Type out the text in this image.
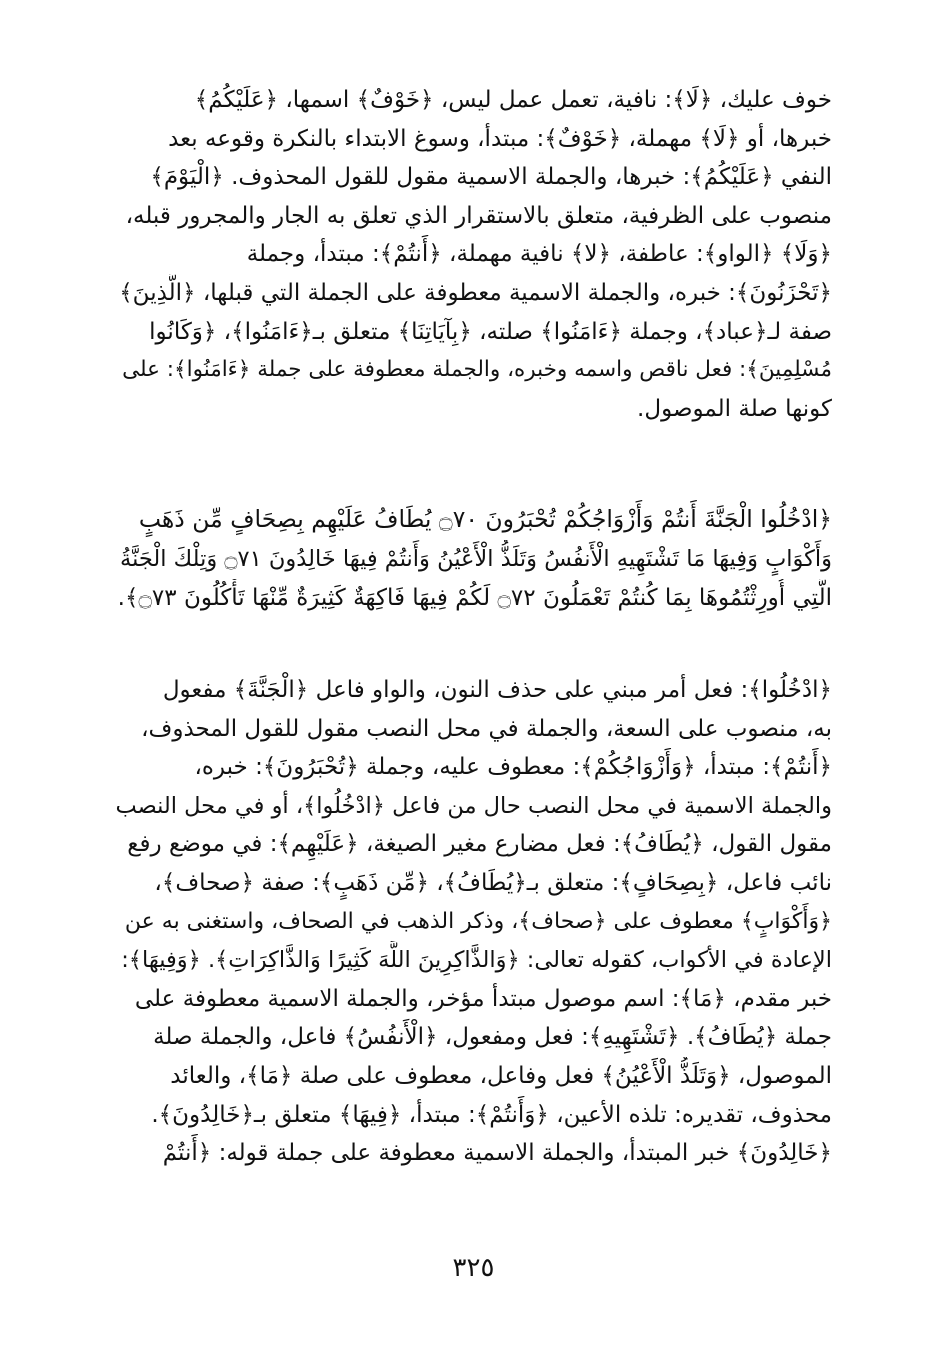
خوف عليك، ﴿لَا﴾: نافية، تعمل عمل ليس، ﴿خَوْفٌ﴾ اسمها، ﴿عَلَيْكُمُ﴾
خبرها، أو ﴿لَا﴾ مهملة، ﴿خَوْفٌ﴾: مبتدأ، وسوغ الابتداء بالنكرة وقوعه بعد
النفي ﴿عَلَيْكُمُ﴾: خبرها، والجملة الاسمية مقول للقول المحذوف. ﴿الْيَوْمَ﴾
منصوب على الظرفية، متعلق بالاستقرار الذي تعلق به الجار والمجرور قبله،
﴿وَلَا﴾ ﴿الواو﴾: عاطفة، ﴿لا﴾ نافية مهملة، ﴿أَنتُمْ﴾: مبتدأ، وجملة
﴿تَحْزَنُونَ﴾: خبره، والجملة الاسمية معطوفة على الجملة التي قبلها، ﴿الَّذِينَ﴾
صفة لـ﴿عباد﴾، وجملة ﴿ءَامَنُوا﴾ صلته، ﴿بِآيَاتِنَا﴾ متعلق بـ﴿ءَامَنُوا﴾، ﴿وَكَانُوا
مُسْلِمِينَ﴾: فعل ناقص واسمه وخبره، والجملة معطوفة على جملة ﴿ءَامَنُوا﴾: على
كونها صلة الموصول.
﴿ادْخُلُوا الْجَنَّةَ أَنتُمْ وَأَزْوَاجُكُمْ تُحْبَرُونَ ۝٧٠ يُطَافُ عَلَيْهِم بِصِحَافٍ مِّن ذَهَبٍ
وَأَكْوَابٍ وَفِيهَا مَا تَشْتَهِيهِ الْأَنفُسُ وَتَلَذُّ الْأَعْيُنُ وَأَنتُمْ فِيهَا خَالِدُونَ ۝٧١ وَتِلْكَ الْجَنَّةُ
الَّتِي أُورِثْتُمُوهَا بِمَا كُنتُمْ تَعْمَلُونَ ۝٧٢ لَكُمْ فِيهَا فَاكِهَةٌ كَثِيرَةٌ مِّنْهَا تَأْكُلُونَ ۝٧٣﴾.
﴿ادْخُلُوا﴾: فعل أمر مبني على حذف النون، والواو فاعل ﴿الْجَنَّةَ﴾ مفعول
به، منصوب على السعة، والجملة في محل النصب مقول للقول المحذوف،
﴿أَنتُمْ﴾: مبتدأ، ﴿وَأَزْوَاجُكُمْ﴾: معطوف عليه، وجملة ﴿تُحْبَرُونَ﴾: خبره،
والجملة الاسمية في محل النصب حال من فاعل ﴿ادْخُلُوا﴾، أو في محل النصب
مقول القول، ﴿يُطَافُ﴾: فعل مضارع مغير الصيغة، ﴿عَلَيْهِم﴾: في موضع رفع
نائب فاعل، ﴿بِصِحَافٍ﴾: متعلق بـ﴿يُطَافُ﴾، ﴿مِّن ذَهَبٍ﴾: صفة ﴿صحاف﴾،
﴿وَأَكْوَابٍ﴾ معطوف على ﴿صحاف﴾، وذكر الذهب في الصحاف، واستغنى به عن
الإعادة في الأكواب، كقوله تعالى: ﴿وَالذَّاكِرِينَ اللَّهَ كَثِيرًا وَالذَّاكِرَاتِ﴾. ﴿وَفِيهَا﴾:
خبر مقدم، ﴿مَا﴾: اسم موصول مبتدأ مؤخر، والجملة الاسمية معطوفة على
جملة ﴿يُطَافُ﴾. ﴿تَشْتَهِيهِ﴾: فعل ومفعول، ﴿الْأَنفُسُ﴾ فاعل، والجملة صلة
الموصول، ﴿وَتَلَذُّ الْأَعْيُنُ﴾ فعل وفاعل، معطوف على صلة ﴿مَا﴾، والعائد
محذوف، تقديره: تلذه الأعين، ﴿وَأَنتُمْ﴾: مبتدأ، ﴿فِيهَا﴾ متعلق بـ﴿خَالِدُونَ﴾.
﴿خَالِدُونَ﴾ خبر المبتدأ، والجملة الاسمية معطوفة على جملة قوله: ﴿أَنتُمْ
٣٢٥
